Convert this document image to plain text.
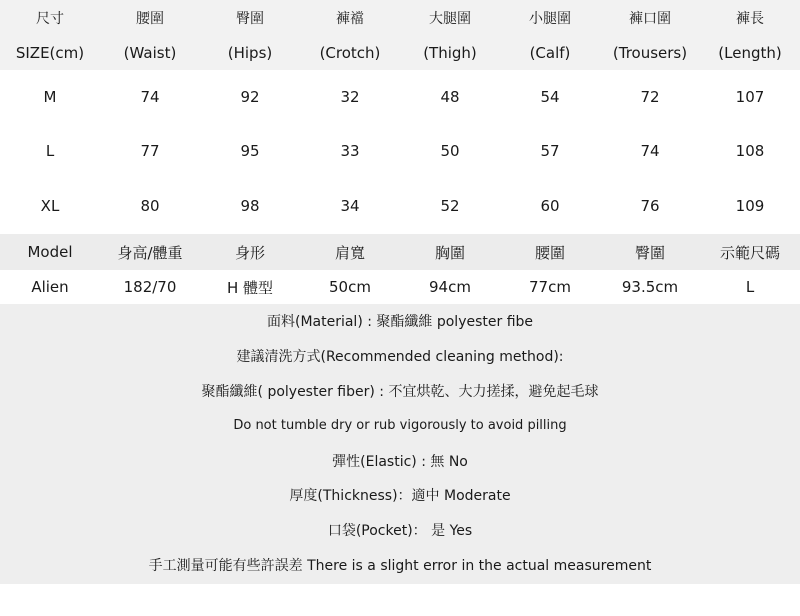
尺寸	腰圍	臀圍	褲襠	大腿圍	小腿圍	褲口圍	褲長
SIZE(cm)	(Waist)	(Hips)	(Crotch)	(Thigh)	(Calf)	(Trousers)	(Length)
M	74	92	32	48	54	72	107
L	77	95	33	50	57	74	108
XL	80	98	34	52	60	76	109
Model	身高/體重	身形	肩寬	胸圍	腰圍	臀圍	示範尺碼
Alien	182/70	H 體型	50cm	94cm	77cm	93.5cm	L
面料(Material) : 聚酯纖維 polyester fibe
建議清洗方式(Recommended cleaning method):
聚酯纖維( polyester fiber) : 不宜烘乾、大力搓揉，避免起毛球
Do not tumble dry or rub vigorously to avoid pilling
彈性(Elastic) : 無 No
厚度(Thickness)：適中 Moderate
口袋(Pocket)： 是 Yes
手工測量可能有些許誤差 There is a slight error in the actual measurement
